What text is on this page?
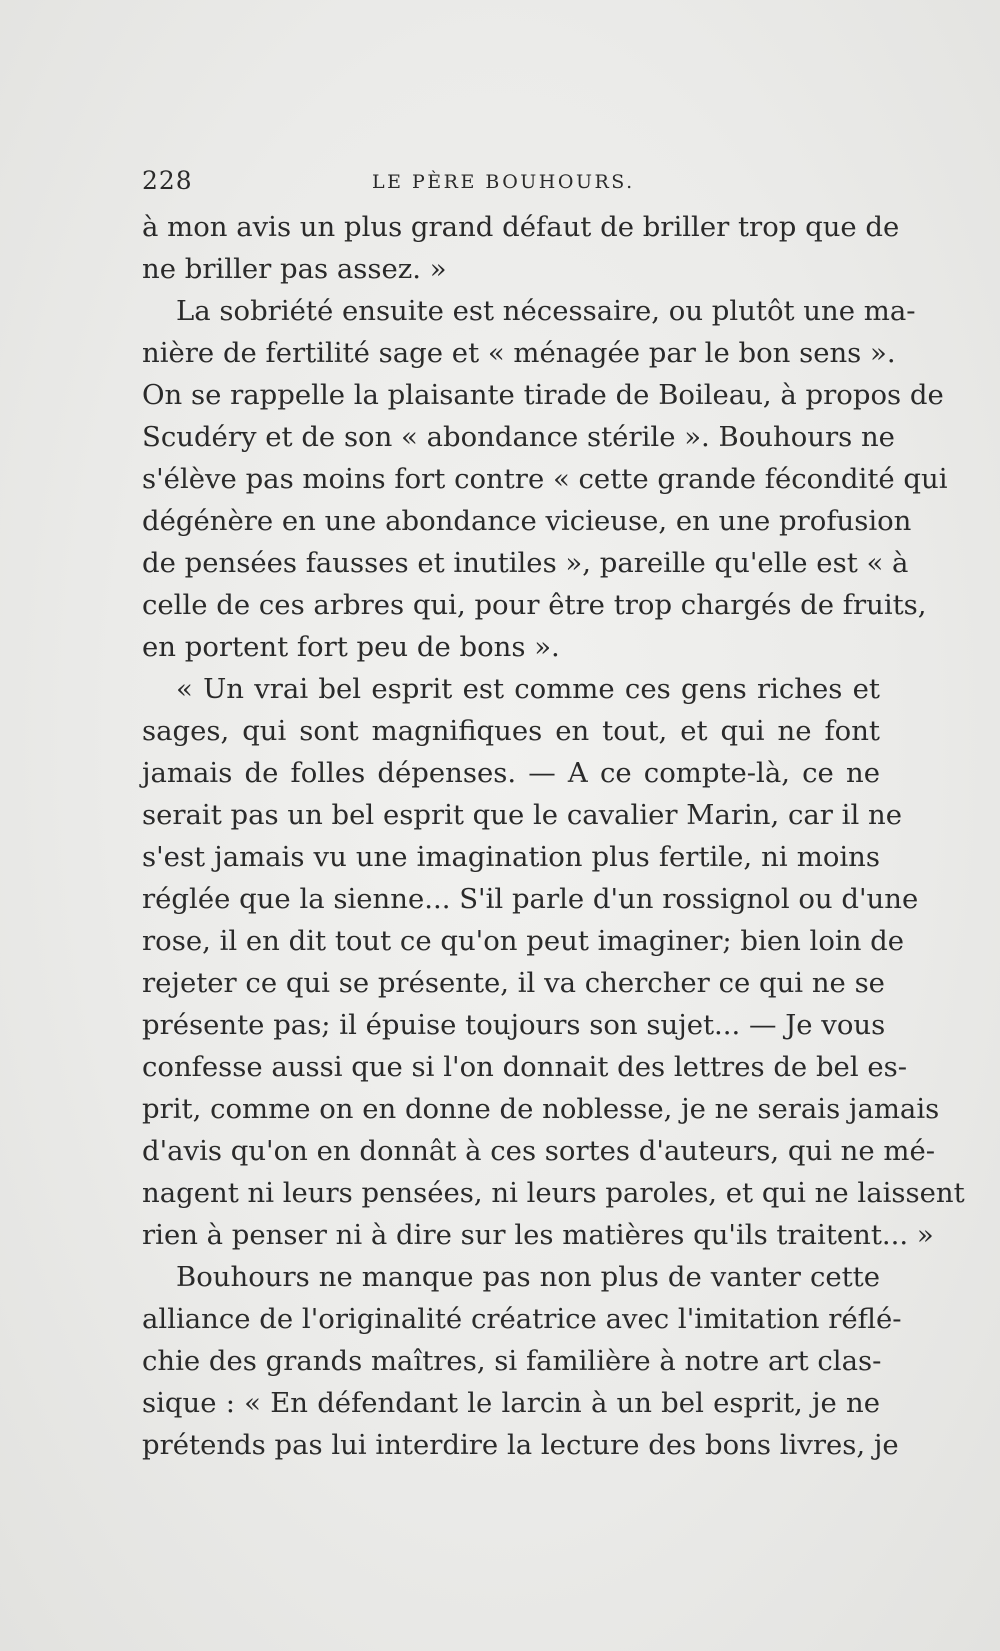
228	LE PÈRE BOUHOURS.
à mon avis un plus grand défaut de briller trop que de
ne briller pas assez. »
La sobriété ensuite est nécessaire, ou plutôt une ma-
nière de fertilité sage et « ménagée par le bon sens ».
On se rappelle la plaisante tirade de Boileau, à propos de
Scudéry et de son « abondance stérile ». Bouhours ne
s'élève pas moins fort contre « cette grande fécondité qui
dégénère en une abondance vicieuse, en une profusion
de pensées fausses et inutiles », pareille qu'elle est « à
celle de ces arbres qui, pour être trop chargés de fruits,
en portent fort peu de bons ».
« Un vrai bel esprit est comme ces gens riches et
sages, qui sont magnifiques en tout, et qui ne font
jamais de folles dépenses. — A ce compte-là, ce ne
serait pas un bel esprit que le cavalier Marin, car il ne
s'est jamais vu une imagination plus fertile, ni moins
réglée que la sienne... S'il parle d'un rossignol ou d'une
rose, il en dit tout ce qu'on peut imaginer; bien loin de
rejeter ce qui se présente, il va chercher ce qui ne se
présente pas; il épuise toujours son sujet... — Je vous
confesse aussi que si l'on donnait des lettres de bel es-
prit, comme on en donne de noblesse, je ne serais jamais
d'avis qu'on en donnât à ces sortes d'auteurs, qui ne mé-
nagent ni leurs pensées, ni leurs paroles, et qui ne laissent
rien à penser ni à dire sur les matières qu'ils traitent... »
Bouhours ne manque pas non plus de vanter cette
alliance de l'originalité créatrice avec l'imitation réflé-
chie des grands maîtres, si familière à notre art clas-
sique : « En défendant le larcin à un bel esprit, je ne
prétends pas lui interdire la lecture des bons livres, je
